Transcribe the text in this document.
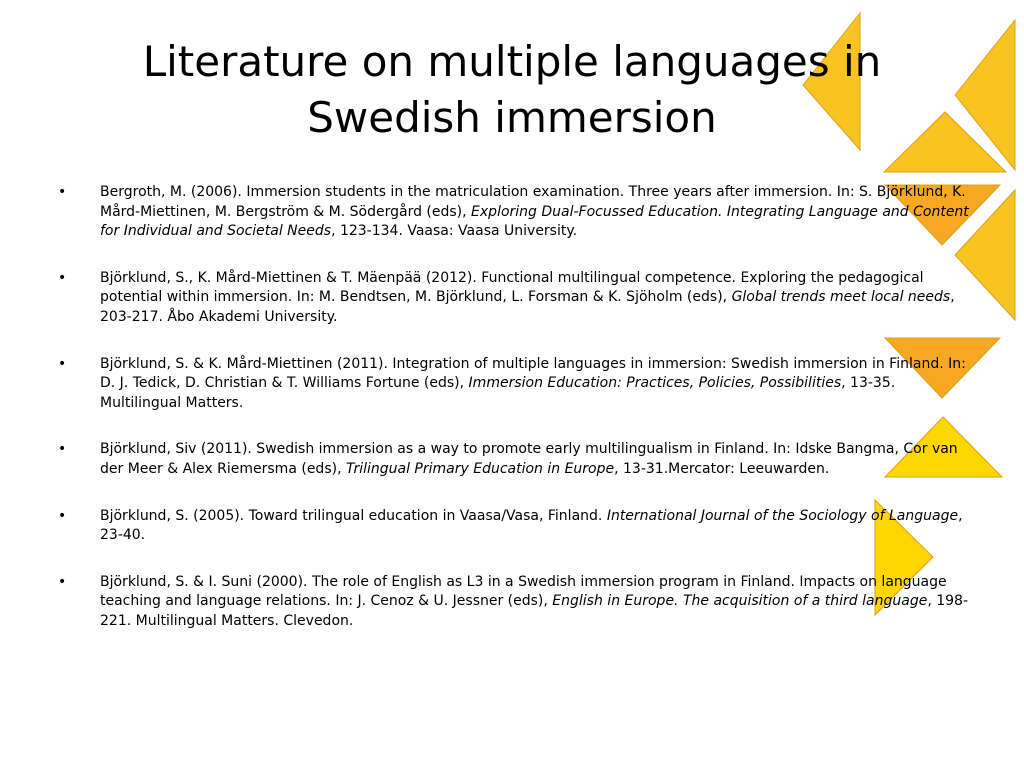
Literature on multiple languages in
Swedish immersion
• Bergroth, M. (2006). Immersion students in the matriculation examination. Three years after immersion. In: S. Björklund, K. Mård-Miettinen, M. Bergström & M. Södergård (eds), Exploring Dual-Focussed Education. Integrating Language and Content for Individual and Societal Needs, 123-134. Vaasa: Vaasa University.
• Björklund, S., K. Mård-Miettinen & T. Mäenpää (2012). Functional multilingual competence. Exploring the pedagogical potential within immersion. In: M. Bendtsen, M. Björklund, L. Forsman & K. Sjöholm (eds), Global trends meet local needs, 203-217. Åbo Akademi University.
• Björklund, S. & K. Mård-Miettinen (2011). Integration of multiple languages in immersion: Swedish immersion in Finland. In: D. J. Tedick, D. Christian & T. Williams Fortune (eds), Immersion Education: Practices, Policies, Possibilities, 13-35. Multilingual Matters.
• Björklund, Siv (2011). Swedish immersion as a way to promote early multilingualism in Finland. In: Idske Bangma, Cor van der Meer & Alex Riemersma (eds), Trilingual Primary Education in Europe, 13-31.Mercator: Leeuwarden.
• Björklund, S. (2005). Toward trilingual education in Vaasa/Vasa, Finland. International Journal of the Sociology of Language, 23-40.
• Björklund, S. & I. Suni (2000). The role of English as L3 in a Swedish immersion program in Finland. Impacts on language teaching and language relations. In: J. Cenoz & U. Jessner (eds), English in Europe. The acquisition of a third language, 198-221. Multilingual Matters. Clevedon.
